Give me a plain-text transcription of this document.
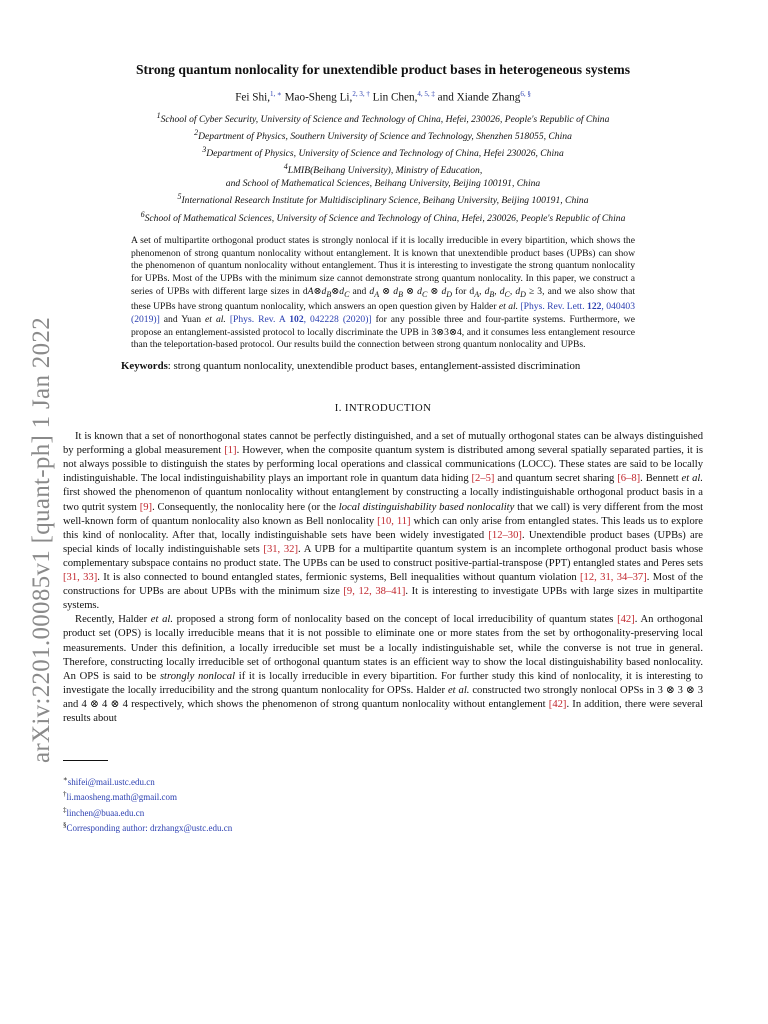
arXiv:2201.00085v1 [quant-ph] 1 Jan 2022
Strong quantum nonlocality for unextendible product bases in heterogeneous systems
Fei Shi,$^{1, ∗}$ Mao-Sheng Li,$^{2, 3, \dagger}$ Lin Chen,$^{4, 5, \ddagger}$ and Xiande Zhang$^{6, \S}$
$^1$School of Cyber Security, University of Science and Technology of China, Hefei, 230026, People's Republic of China
$^2$Department of Physics, Southern University of Science and Technology, Shenzhen 518055, China
$^3$Department of Physics, University of Science and Technology of China, Hefei 230026, China
$^4$LMIB(Beihang University), Ministry of Education,
and School of Mathematical Sciences, Beihang University, Beijing 100191, China
$^5$International Research Institute for Multidisciplinary Science, Beihang University, Beijing 100191, China
$^6$School of Mathematical Sciences, University of Science and Technology of China, Hefei, 230026, People's Republic of China
A set of multipartite orthogonal product states is strongly nonlocal if it is locally irreducible in every bipartition, which shows the phenomenon of strong quantum nonlocality without entanglement. It is known that unextendible product bases (UPBs) can show the phenomenon of quantum nonlocality without entanglement. Thus it is interesting to investigate the strong quantum nonlocality for UPBs. Most of the UPBs with the minimum size cannot demonstrate strong quantum nonlocality. In this paper, we construct a series of UPBs with different large sizes in $dA\otimes d_B\otimes d_C$ and $d_A$ ⊗ $d_B$ ⊗ $d_C$ ⊗ $d_D$ for $d_A$, $d_B$, $d_C$, $d_D \ge 3$, and we also show that these UPBs have strong quantum nonlocality, which answers an open question given by Halder et al. [Phys. Rev. Lett. 122, 040403 (2019)] and Yuan et al. [Phys. Rev. A 102, 042228 (2020)] for any possible three and four-partite systems. Furthermore, we propose an entanglement-assisted protocol to locally discriminate the UPB in 3⊗3⊗4, and it consumes less entanglement resource than the teleportation-based protocol. Our results build the connection between strong quantum nonlocality and UPBs.
Keywords: strong quantum nonlocality, unextendible product bases, entanglement-assisted discrimination
I. INTRODUCTION

It is known that a set of nonorthogonal states cannot be perfectly distinguished, and a set of mutually orthogonal states can be always distinguished by performing a global measurement [1]. However, when the composite quantum system is distributed among several spatially separated parties, it is not always possible to distinguish the states by performing local operations and classical communications (LOCC). These states are said to be locally indistinguishable. The local indistinguishability plays an important role in quantum data hiding [2–5] and quantum secret sharing [6–8]. Bennett et al. first showed the phenomenon of quantum nonlocality without entanglement by constructing a locally indistinguishable orthogonal product basis in a two qutrit system [9]. Consequently, the nonlocality here (or the local distinguishability based nonlocality that we call) is very different from the most well-known form of quantum nonlocality also known as Bell nonlocality [10, 11] which can only arise from entangled states. This leads us to explore this kind of nonlocality. After that, locally indistinguishable sets have been widely investigated [12–30]. Unextendible product bases (UPBs) are special kinds of locally indistinguishable sets [31, 32]. A UPB for a multipartite quantum system is an incomplete orthogonal product basis whose complementary subspace contains no product state. The UPBs can be used to construct positive-partial-transpose (PPT) entangled states and Peres sets [31, 33]. It is also connected to bound entangled states, fermionic systems, Bell inequalities without quantum violation [12, 31, 34–37]. Most of the constructions for UPBs are about UPBs with the minimum size [9, 12, 38–41]. It is interesting to investigate UPBs with large sizes in multipartite systems.

Recently, Halder et al. proposed a strong form of nonlocality based on the concept of local irreducibility of quantum states [42]. An orthogonal product set (OPS) is locally irreducible means that it is not possible to eliminate one or more states from the set by orthogonality-preserving local measurements. Under this definition, a locally irreducible set must be a locally indistinguishable set, while the converse is not true in general. Therefore, constructing locally irreducible set of orthogonal quantum states is an efficient way to show the local distinguishability based nonlocality. An OPS is said to be strongly nonlocal if it is locally irreducible in every bipartition. For further study this kind of nonlocality, it is interesting to investigate the locally irreducibility and the strong quantum nonlocality for OPSs. Halder et al. constructed two strongly nonlocal OPSs in 3 ⊗ 3 ⊗ 3 and 4 ⊗ 4 ⊗ 4 respectively, which shows the phenomenon of strong quantum nonlocality without entanglement [42]. In addition, there were several results about

∗shifei@mail.ustc.edu.cn
†li.maosheng.math@gmail.com
‡linchen@buaa.edu.cn
§Corresponding author: drzhangx@ustc.edu.cn
